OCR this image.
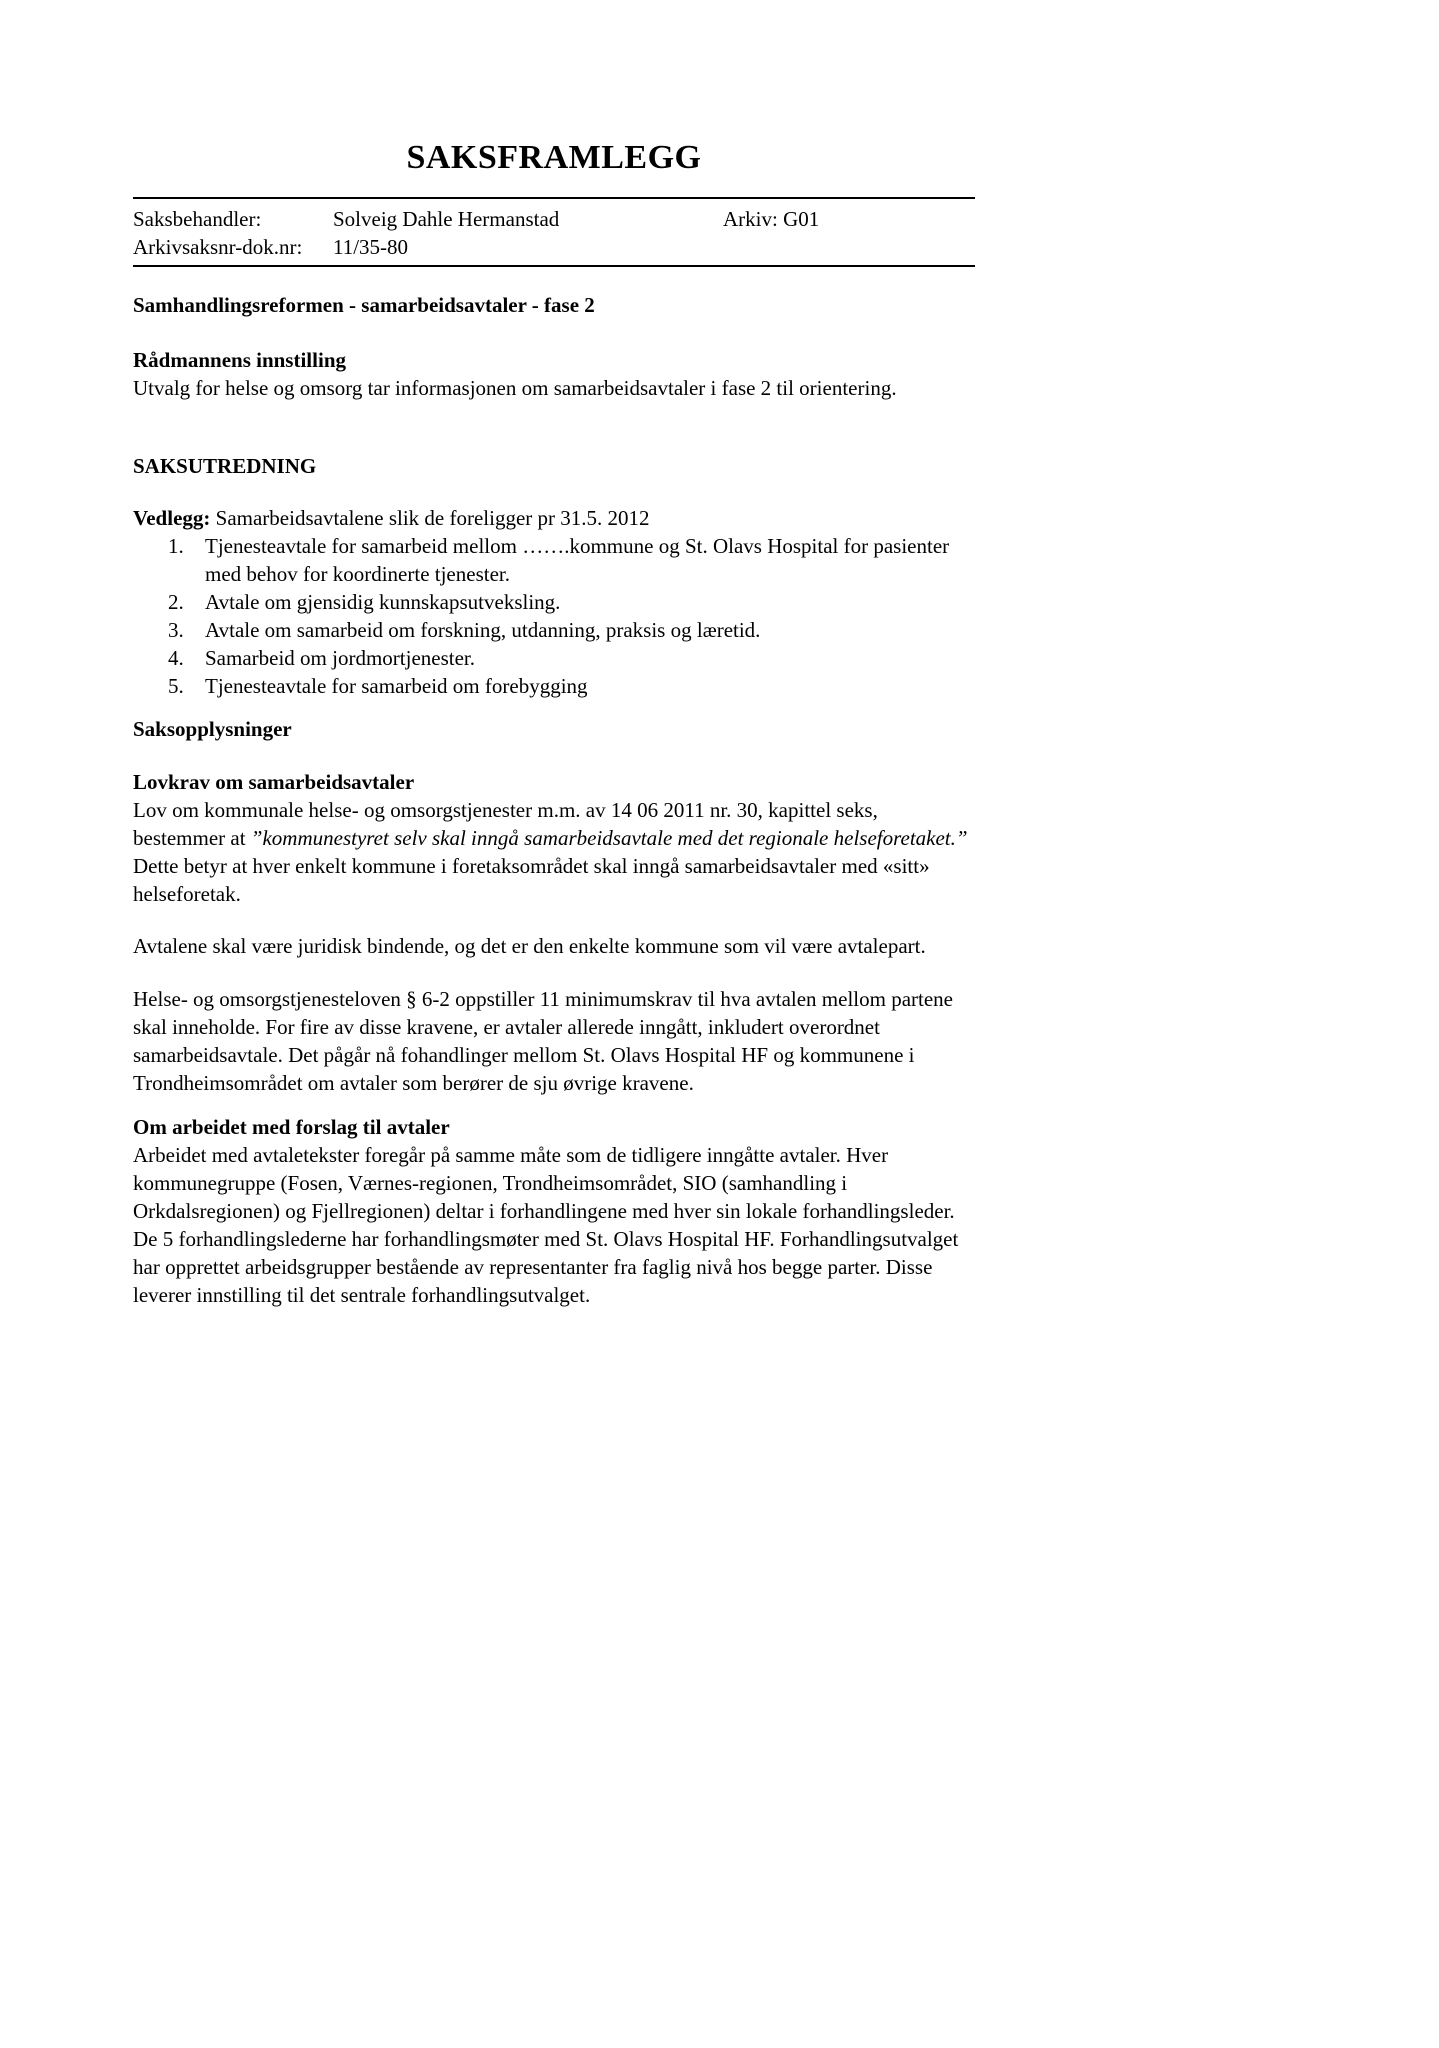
SAKSFRAMLEGG
Saksbehandler:	Solveig Dahle Hermanstad	Arkiv: G01
Arkivsaksnr-dok.nr:	11/35-80

Samhandlingsreformen - samarbeidsavtaler - fase 2

Rådmannens innstilling

Utvalg for helse og omsorg tar informasjonen om samarbeidsavtaler i fase 2 til orientering.

SAKSUTREDNING

Vedlegg: Samarbeidsavtalene slik de foreligger pr 31.5. 2012

1.	Tjenesteavtale for samarbeid mellom …….kommune og St. Olavs Hospital for pasienter med behov for koordinerte tjenester.
2.	Avtale om gjensidig kunnskapsutveksling.
3.	Avtale om samarbeid om forskning, utdanning, praksis og læretid.
4.	Samarbeid om jordmortjenester.
5.	Tjenesteavtale for samarbeid om forebygging

Saksopplysninger

Lovkrav om samarbeidsavtaler

Lov om kommunale helse- og omsorgstjenester m.m. av 14 06 2011 nr. 30, kapittel seks, bestemmer at ”kommunestyret selv skal inngå samarbeidsavtale med det regionale helseforetaket.” Dette betyr at hver enkelt kommune i foretaksområdet skal inngå samarbeidsavtaler med «sitt» helseforetak.

Avtalene skal være juridisk bindende, og det er den enkelte kommune som vil være avtalepart.

Helse- og omsorgstjenesteloven § 6-2 oppstiller 11 minimumskrav til hva avtalen mellom partene skal inneholde. For fire av disse kravene, er avtaler allerede inngått, inkludert overordnet samarbeidsavtale. Det pågår nå fohandlinger mellom St. Olavs Hospital HF og kommunene i Trondheimsområdet om avtaler som berører de sju øvrige kravene.

Om arbeidet med forslag til avtaler

Arbeidet med avtaletekster foregår på samme måte som de tidligere inngåtte avtaler. Hver kommunegruppe (Fosen, Værnes-regionen, Trondheimsområdet, SIO (samhandling i Orkdalsregionen) og Fjellregionen) deltar i forhandlingene med hver sin lokale forhandlingsleder. De 5 forhandlingslederne har forhandlingsmøter med St. Olavs Hospital HF. Forhandlingsutvalget har opprettet arbeidsgrupper bestående av representanter fra faglig nivå hos begge parter. Disse leverer innstilling til det sentrale forhandlingsutvalget.
